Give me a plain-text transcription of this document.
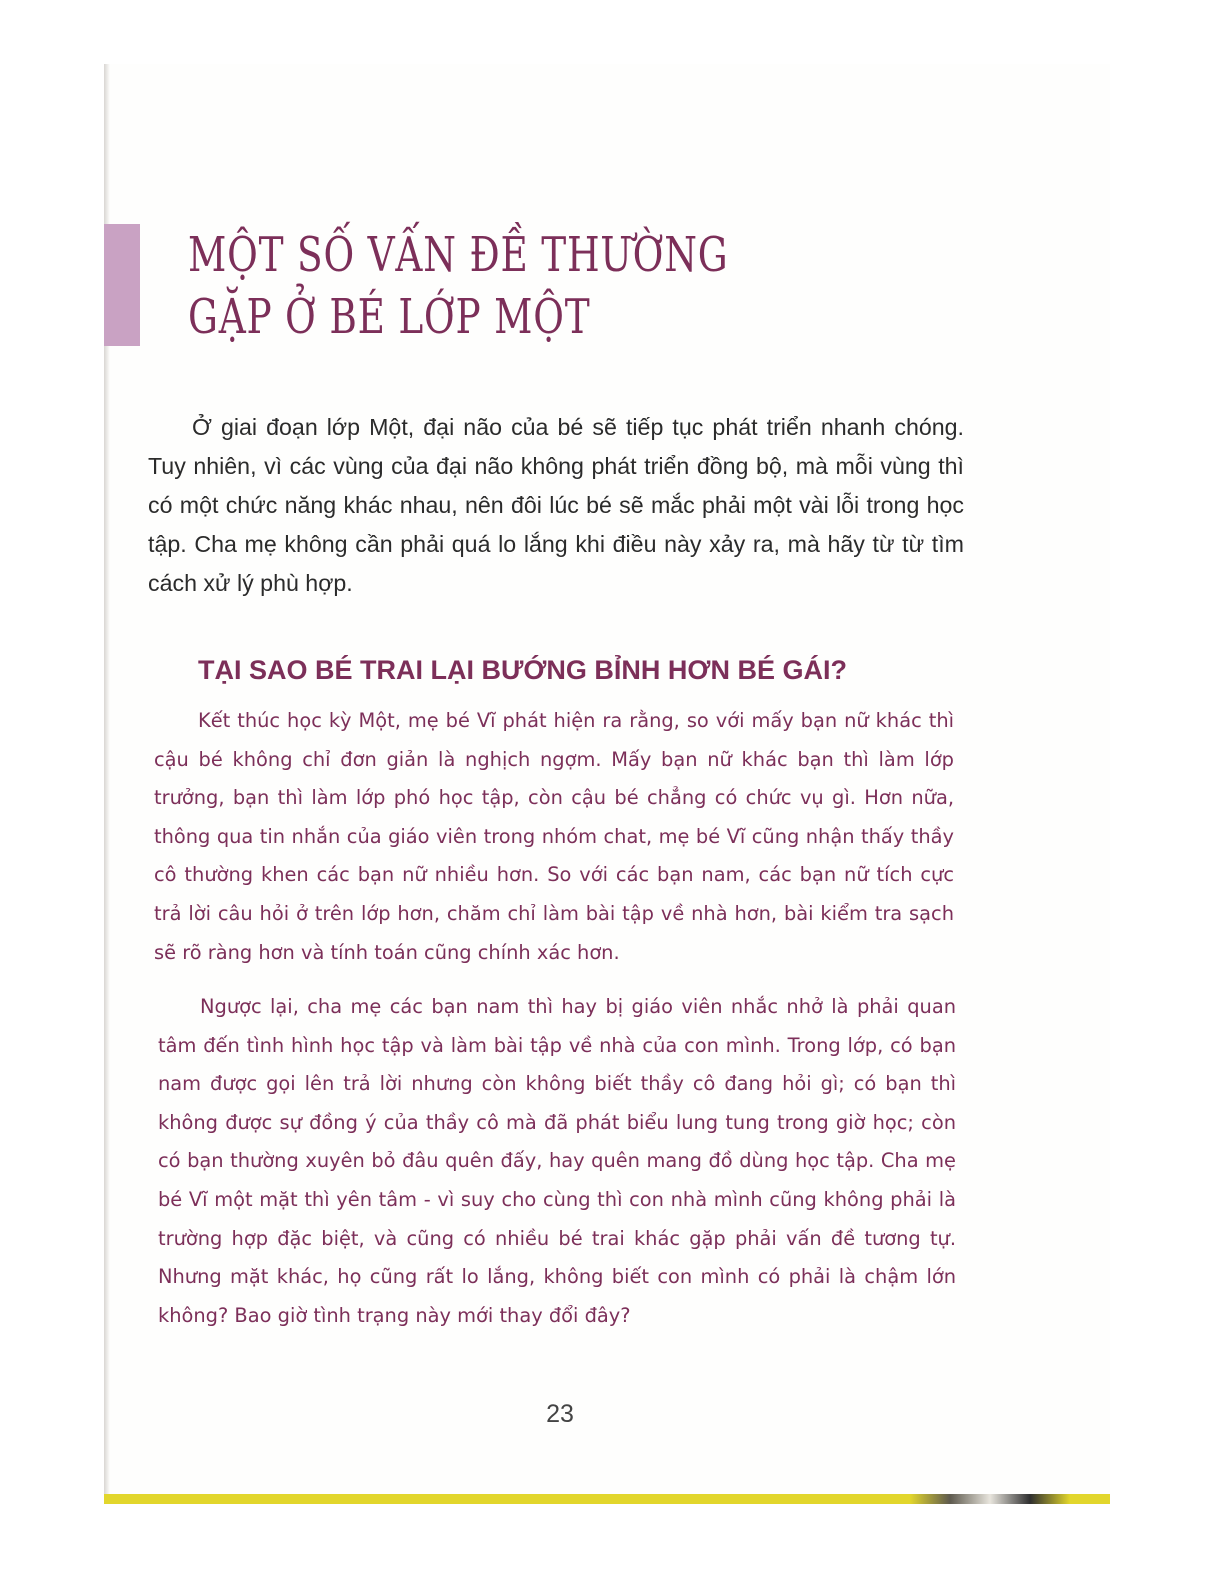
MỘT SỐ VẤN ĐỀ THƯỜNG GẶP Ở BÉ LỚP MỘT

Ở giai đoạn lớp Một, đại não của bé sẽ tiếp tục phát triển nhanh chóng. Tuy nhiên, vì các vùng của đại não không phát triển đồng bộ, mà mỗi vùng thì có một chức năng khác nhau, nên đôi lúc bé sẽ mắc phải một vài lỗi trong học tập. Cha mẹ không cần phải quá lo lắng khi điều này xảy ra, mà hãy từ từ tìm cách xử lý phù hợp.

TẠI SAO BÉ TRAI LẠI BƯỚNG BỈNH HƠN BÉ GÁI?

Kết thúc học kỳ Một, mẹ bé Vĩ phát hiện ra rằng, so với mấy bạn nữ khác thì cậu bé không chỉ đơn giản là nghịch ngợm. Mấy bạn nữ khác bạn thì làm lớp trưởng, bạn thì làm lớp phó học tập, còn cậu bé chẳng có chức vụ gì. Hơn nữa, thông qua tin nhắn của giáo viên trong nhóm chat, mẹ bé Vĩ cũng nhận thấy thầy cô thường khen các bạn nữ nhiều hơn. So với các bạn nam, các bạn nữ tích cực trả lời câu hỏi ở trên lớp hơn, chăm chỉ làm bài tập về nhà hơn, bài kiểm tra sạch sẽ rõ ràng hơn và tính toán cũng chính xác hơn.

Ngược lại, cha mẹ các bạn nam thì hay bị giáo viên nhắc nhở là phải quan tâm đến tình hình học tập và làm bài tập về nhà của con mình. Trong lớp, có bạn nam được gọi lên trả lời nhưng còn không biết thầy cô đang hỏi gì; có bạn thì không được sự đồng ý của thầy cô mà đã phát biểu lung tung trong giờ học; còn có bạn thường xuyên bỏ đâu quên đấy, hay quên mang đồ dùng học tập. Cha mẹ bé Vĩ một mặt thì yên tâm - vì suy cho cùng thì con nhà mình cũng không phải là trường hợp đặc biệt, và cũng có nhiều bé trai khác gặp phải vấn đề tương tự. Nhưng mặt khác, họ cũng rất lo lắng, không biết con mình có phải là chậm lớn không? Bao giờ tình trạng này mới thay đổi đây?

23
